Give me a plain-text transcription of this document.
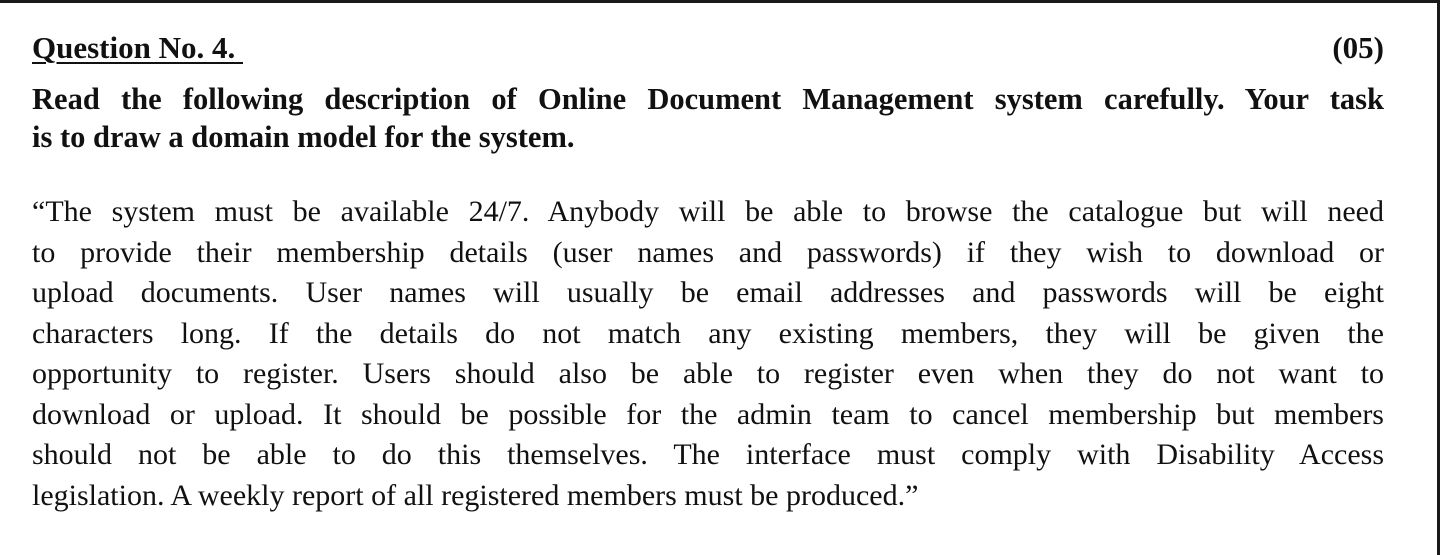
Question No. 4.	(05)
Read the following description of Online Document Management system carefully. Your task
is to draw a domain model for the system.
“The system must be available 24/7. Anybody will be able to browse the catalogue but will need
to provide their membership details (user names and passwords) if they wish to download or
upload documents. User names will usually be email addresses and passwords will be eight
characters long. If the details do not match any existing members, they will be given the
opportunity to register. Users should also be able to register even when they do not want to
download or upload. It should be possible for the admin team to cancel membership but members
should not be able to do this themselves. The interface must comply with Disability Access
legislation. A weekly report of all registered members must be produced.”
